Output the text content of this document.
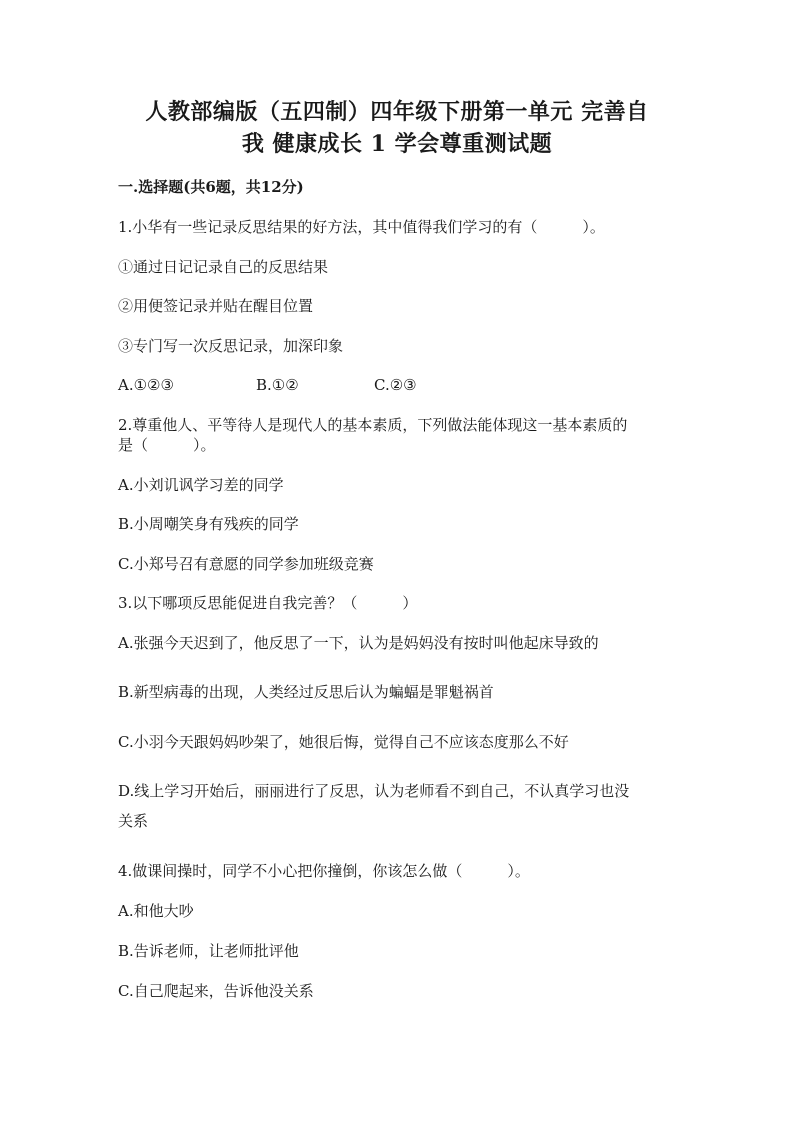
人教部编版（五四制）四年级下册第一单元 完善自
我 健康成长 1 学会尊重测试题
一.选择题(共6题，共12分)
1.小华有一些记录反思结果的好方法，其中值得我们学习的有（　　　）。
①通过日记记录自己的反思结果
②用便签记录并贴在醒目位置
③专门写一次反思记录，加深印象
A.①②③	B.①②	C.②③
2.尊重他人、平等待人是现代人的基本素质，下列做法能体现这一基本素质的
是（　　　）。
A.小刘讥讽学习差的同学
B.小周嘲笑身有残疾的同学
C.小郑号召有意愿的同学参加班级竞赛
3.以下哪项反思能促进自我完善？（　　　）
A.张强今天迟到了，他反思了一下，认为是妈妈没有按时叫他起床导致的
B.新型病毒的出现，人类经过反思后认为蝙蝠是罪魁祸首
C.小羽今天跟妈妈吵架了，她很后悔，觉得自己不应该态度那么不好
D.线上学习开始后，丽丽进行了反思，认为老师看不到自己，不认真学习也没
关系
4.做课间操时，同学不小心把你撞倒，你该怎么做（　　　）。
A.和他大吵
B.告诉老师，让老师批评他
C.自己爬起来，告诉他没关系
